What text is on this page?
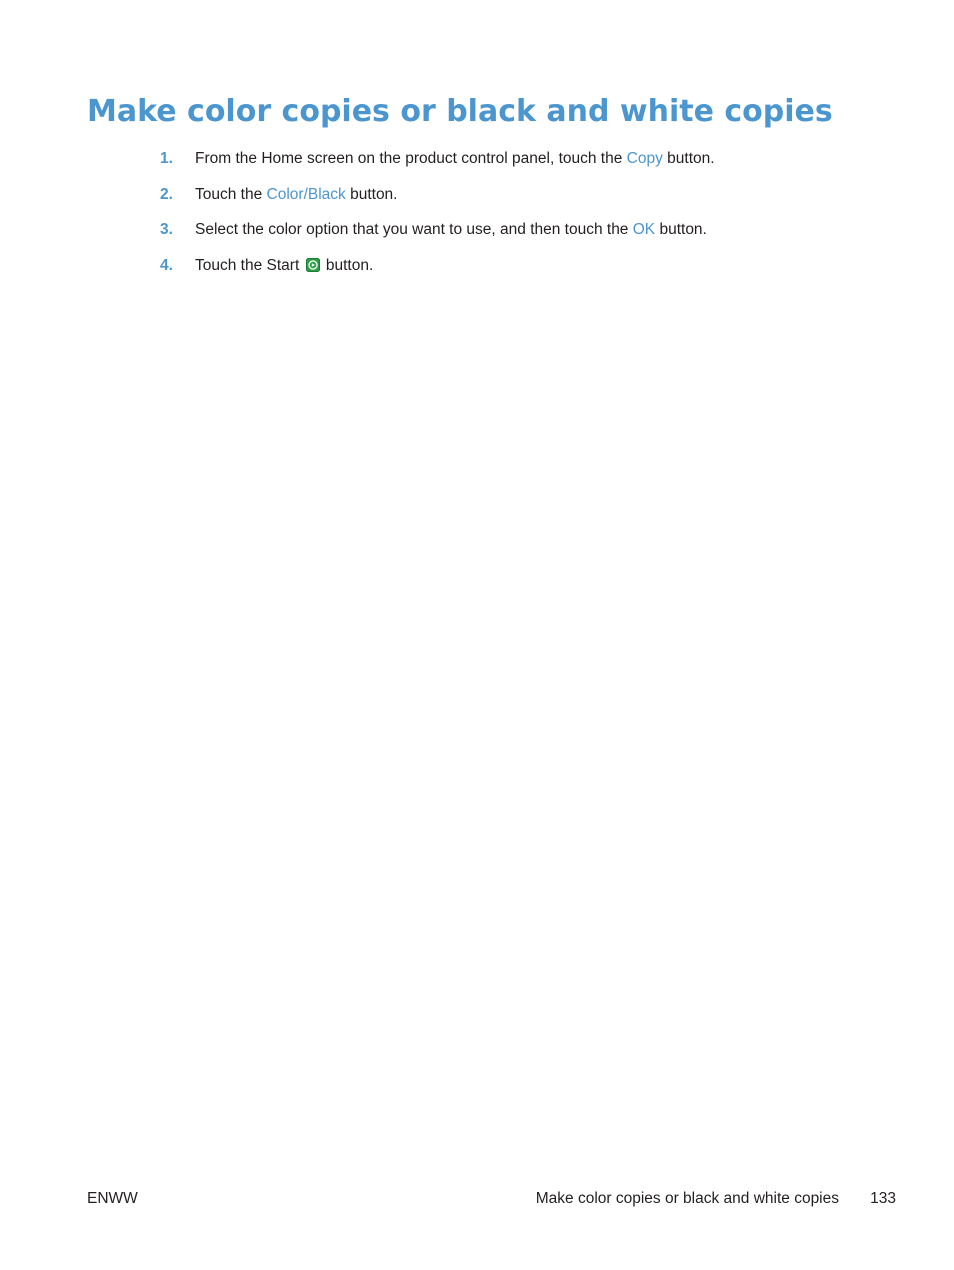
Make color copies or black and white copies
1. From the Home screen on the product control panel, touch the Copy button.
2. Touch the Color/Black button.
3. Select the color option that you want to use, and then touch the OK button.
4. Touch the Start  button.
ENWW	Make color copies or black and white copies 133
